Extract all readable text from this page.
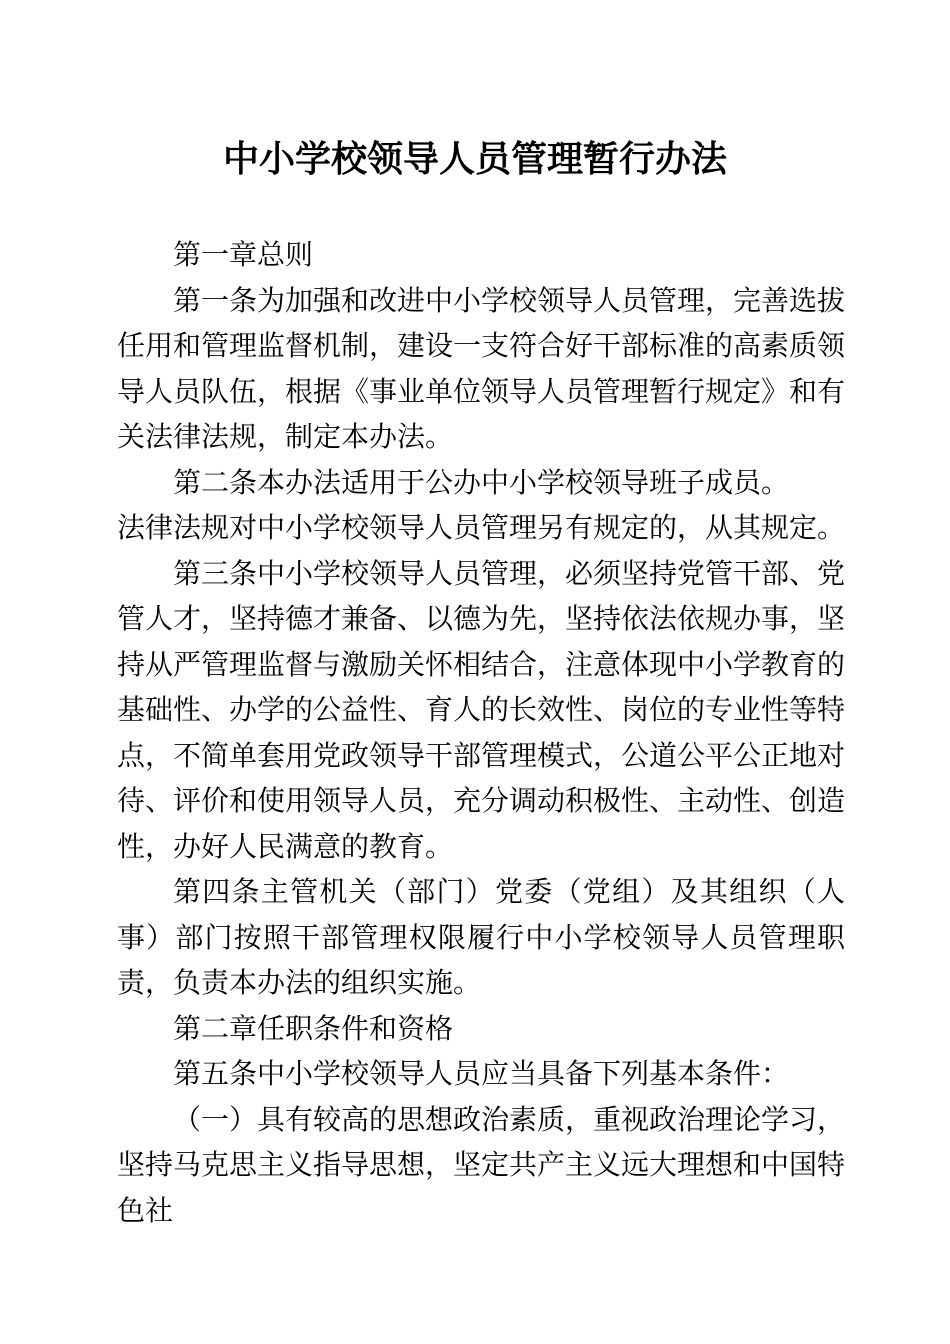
中小学校领导人员管理暂行办法

第一章总则

第一条为加强和改进中小学校领导人员管理，完善选拔任用和管理监督机制，建设一支符合好干部标准的高素质领导人员队伍，根据《事业单位领导人员管理暂行规定》和有关法律法规，制定本办法。

第二条本办法适用于公办中小学校领导班子成员。

法律法规对中小学校领导人员管理另有规定的，从其规定。

第三条中小学校领导人员管理，必须坚持党管干部、党管人才，坚持德才兼备、以德为先，坚持依法依规办事，坚持从严管理监督与激励关怀相结合，注意体现中小学教育的基础性、办学的公益性、育人的长效性、岗位的专业性等特点，不简单套用党政领导干部管理模式，公道公平公正地对待、评价和使用领导人员，充分调动积极性、主动性、创造性，办好人民满意的教育。

第四条主管机关（部门）党委（党组）及其组织（人事）部门按照干部管理权限履行中小学校领导人员管理职责，负责本办法的组织实施。

第二章任职条件和资格

第五条中小学校领导人员应当具备下列基本条件：

（一）具有较高的思想政治素质，重视政治理论学习，坚持马克思主义指导思想，坚定共产主义远大理想和中国特色社
